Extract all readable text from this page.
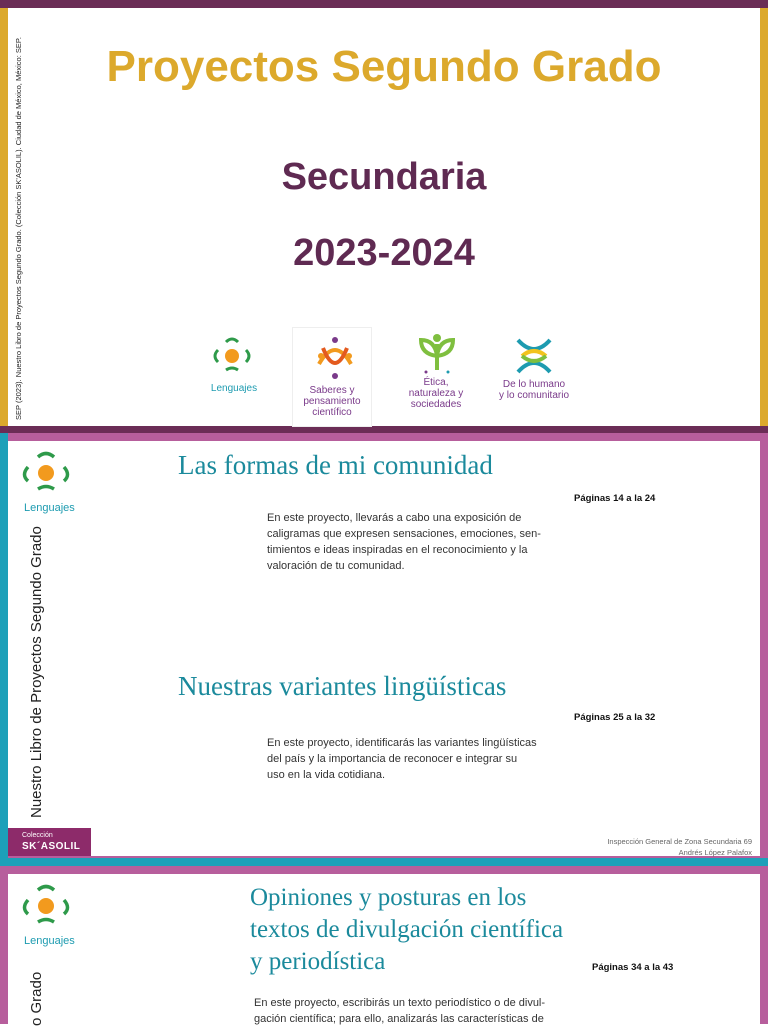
SEP (2023). Nuestro Libro de Proyectos Segundo Grado. (Colección SK'ASOLIL). Ciudad de México, México: SEP.	Proyectos Segundo Grado
Secundaria
2023-2024
Lenguajes	Saberes y
pensamiento
científico
Ética,
naturaleza y
sociedades
De lo humano
y lo comunitario
Lenguajes
Nuestro Libro de Proyectos Segundo Grado
Las formas de mi comunidad
Páginas 14 a la 24
En este proyecto, llevarás a cabo una exposición de
caligramas que expresen sensaciones, emociones, sen-
timientos e ideas inspiradas en el reconocimiento y la
valoración de tu comunidad.
Nuestras variantes lingüísticas
Páginas 25 a la 32
En este proyecto, identificarás las variantes lingüísticas
del país y la importancia de reconocer e integrar su
uso en la vida cotidiana.
Colección
SK´ASOLIL	Inspección General de Zona Secundaria 69
Andrés López Palafox
Lenguajes
o Grado
Opiniones y posturas en los
textos de divulgación científica
y periodística	Páginas 34 a la 43
En este proyecto, escribirás un texto periodístico o de divul-
gación científica; para ello, analizarás las características de
